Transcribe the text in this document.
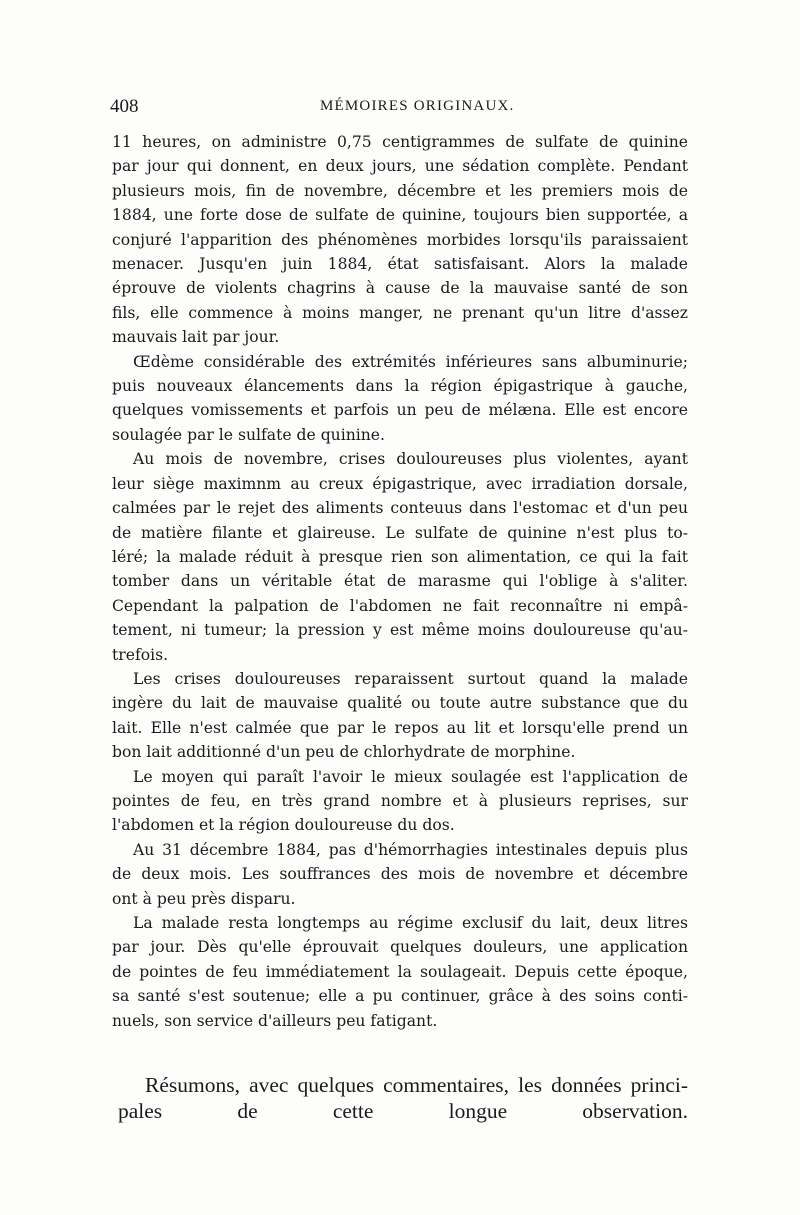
408	MÉMOIRES ORIGINAUX.

11 heures, on administre 0,75 centigrammes de sulfate de quinine
par jour qui donnent, en deux jours, une sédation complète. Pendant
plusieurs mois, fin de novembre, décembre et les premiers mois de
1884, une forte dose de sulfate de quinine, toujours bien supportée, a
conjuré l'apparition des phénomènes morbides lorsqu'ils paraissaient
menacer. Jusqu'en juin 1884, état satisfaisant. Alors la malade
éprouve de violents chagrins à cause de la mauvaise santé de son
fils, elle commence à moins manger, ne prenant qu'un litre d'assez
mauvais lait par jour.

Œdème considérable des extrémités inférieures sans albuminurie;
puis nouveaux élancements dans la région épigastrique à gauche,
quelques vomissements et parfois un peu de mélæna. Elle est encore
soulagée par le sulfate de quinine.

Au mois de novembre, crises douloureuses plus violentes, ayant
leur siège maximnm au creux épigastrique, avec irradiation dorsale,
calmées par le rejet des aliments conteuus dans l'estomac et d'un peu
de matière filante et glaireuse. Le sulfate de quinine n'est plus to-
léré; la malade réduit à presque rien son alimentation, ce qui la fait
tomber dans un véritable état de marasme qui l'oblige à s'aliter.
Cependant la palpation de l'abdomen ne fait reconnaître ni empâ-
tement, ni tumeur; la pression y est même moins douloureuse qu'au-
trefois.

Les crises douloureuses reparaissent surtout quand la malade
ingère du lait de mauvaise qualité ou toute autre substance que du
lait. Elle n'est calmée que par le repos au lit et lorsqu'elle prend un
bon lait additionné d'un peu de chlorhydrate de morphine.

Le moyen qui paraît l'avoir le mieux soulagée est l'application de
pointes de feu, en très grand nombre et à plusieurs reprises, sur
l'abdomen et la région douloureuse du dos.

Au 31 décembre 1884, pas d'hémorrhagies intestinales depuis plus
de deux mois. Les souffrances des mois de novembre et décembre
ont à peu près disparu.

La malade resta longtemps au régime exclusif du lait, deux litres
par jour. Dès qu'elle éprouvait quelques douleurs, une application
de pointes de feu immédiatement la soulageait. Depuis cette époque,
sa santé s'est soutenue; elle a pu continuer, grâce à des soins conti-
nuels, son service d'ailleurs peu fatigant.

Résumons, avec quelques commentaires, les données princi-
pales de cette longue observation.
